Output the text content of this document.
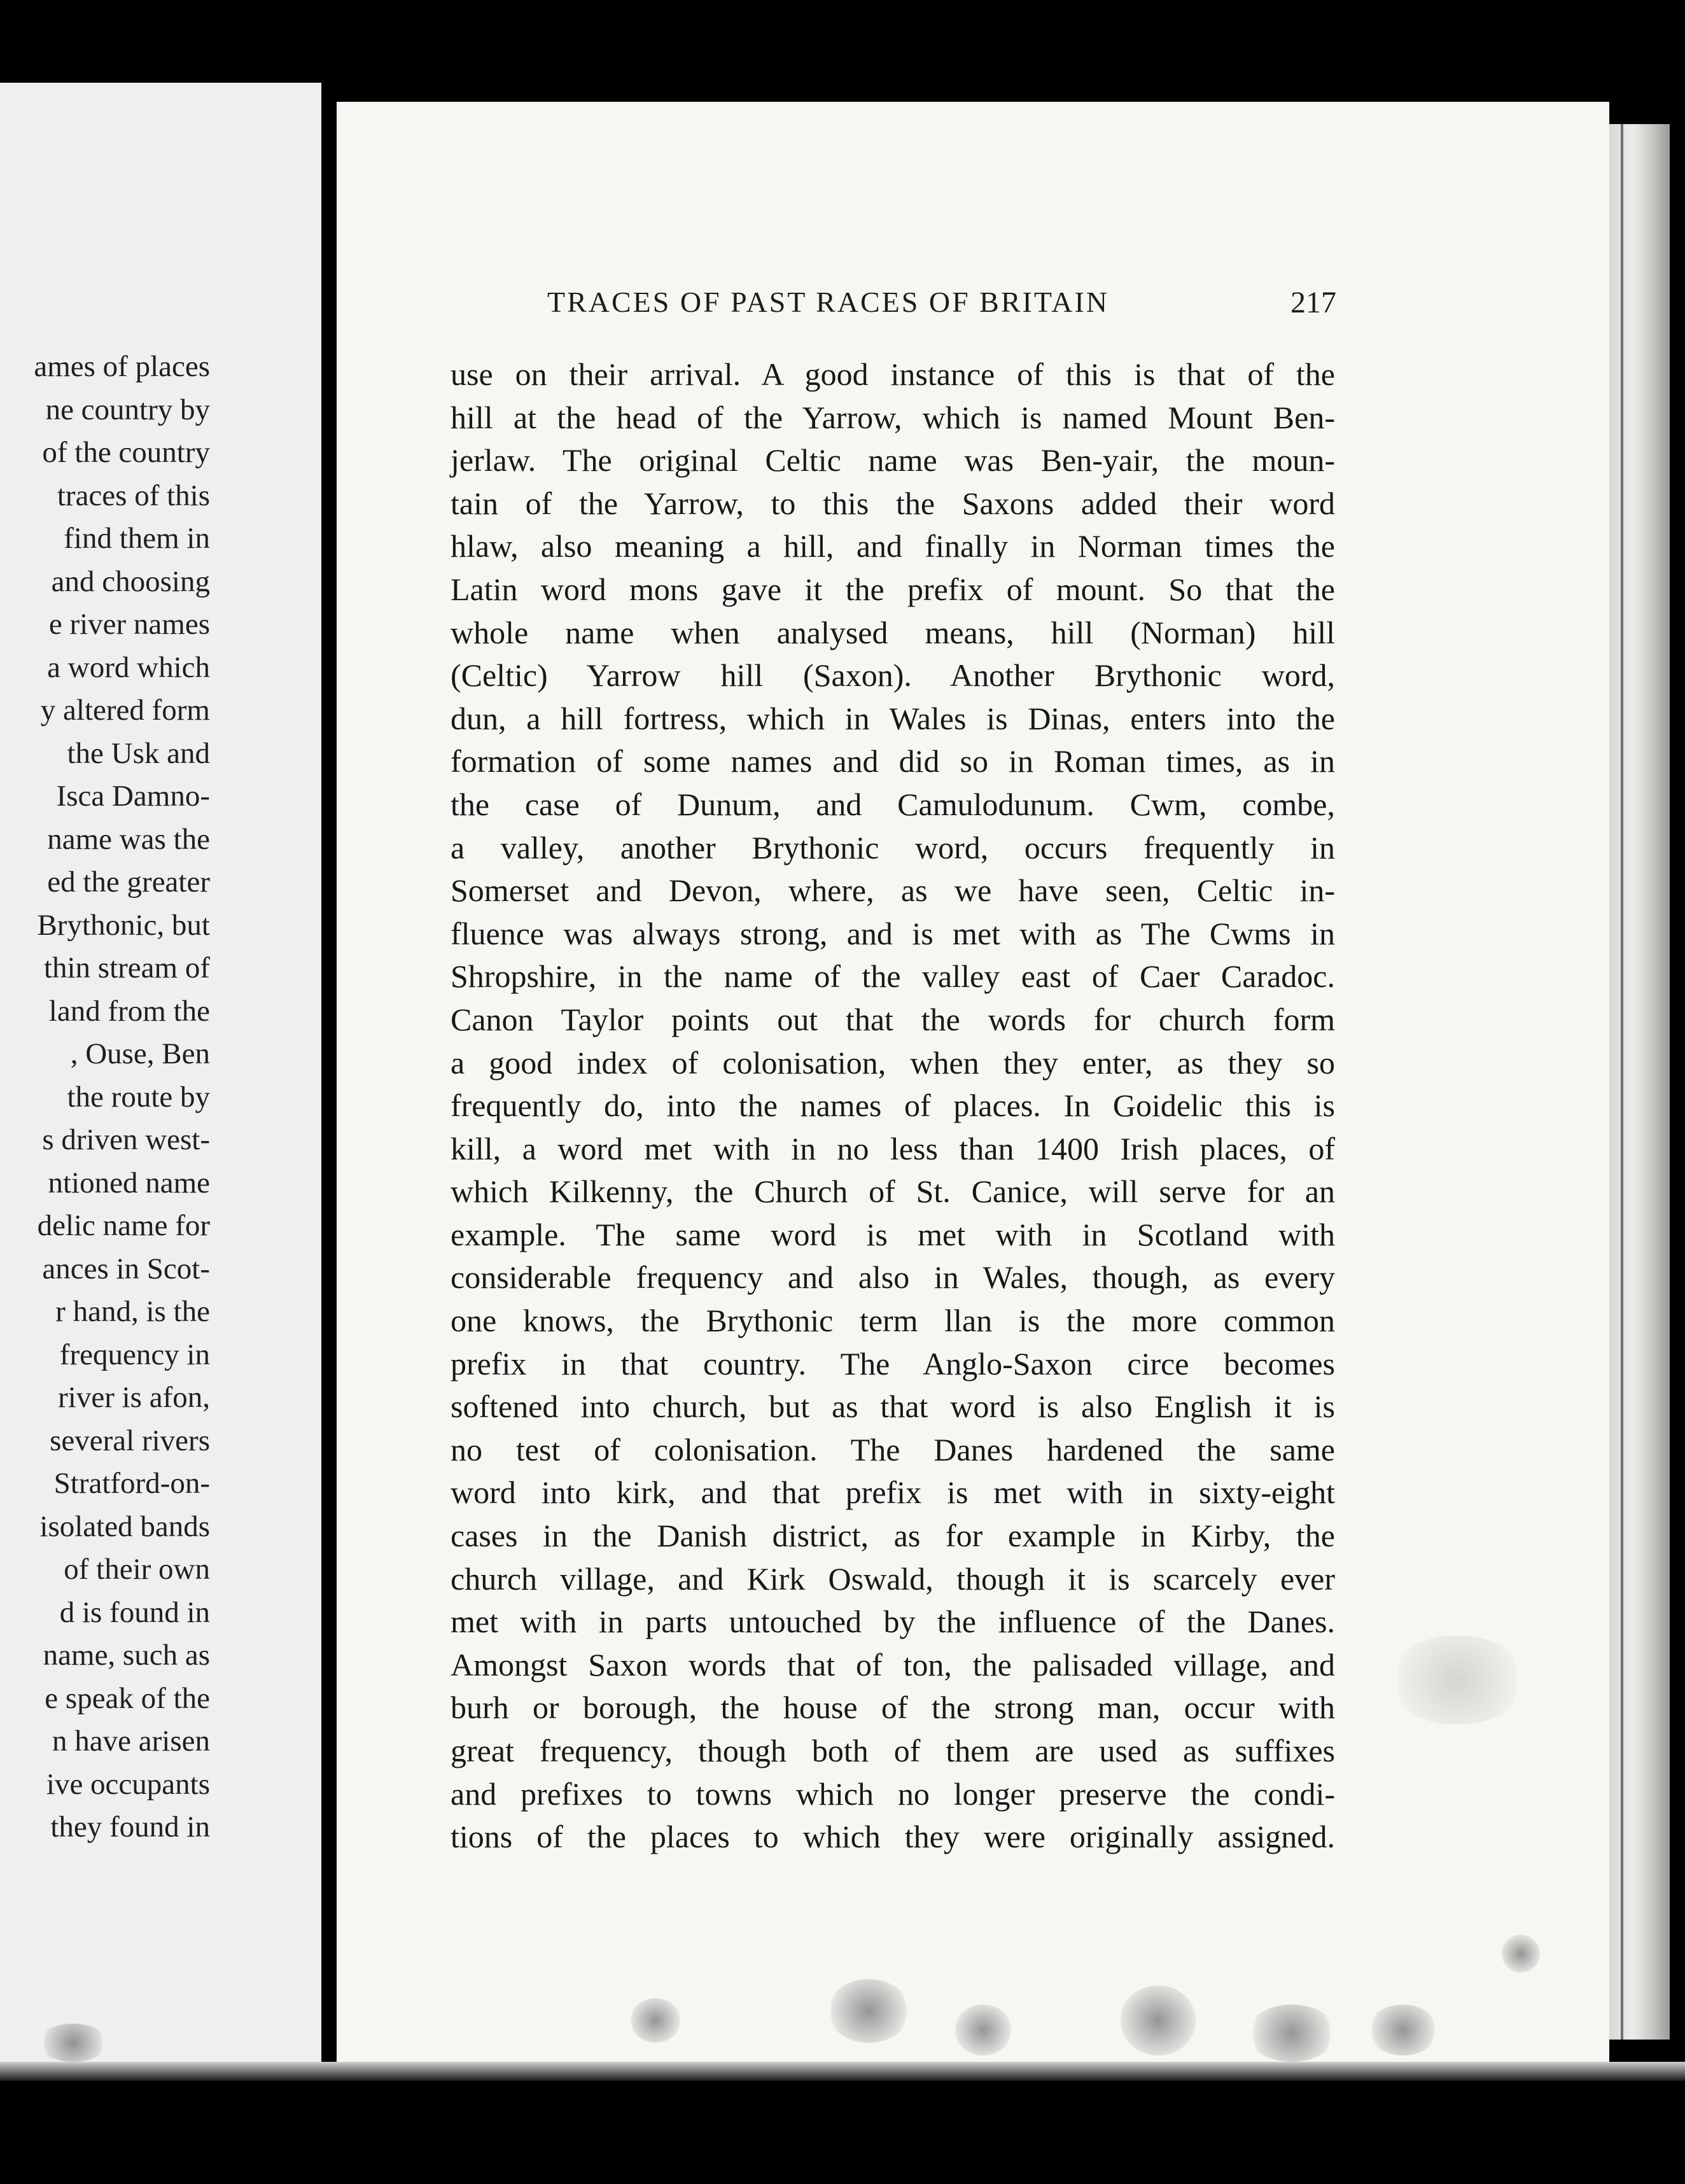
ames of places
ne country by
of the country
traces of this
find them in
and choosing
e river names
a word which
y altered form
the Usk and
Isca Damno-
name was the
ed the greater
Brythonic, but
thin stream of
land from the
, Ouse, Ben
the route by
s driven west-
ntioned name
delic name for
ances in Scot-
r hand, is the
frequency in
river is afon,
several rivers
Stratford-on-
isolated bands
of their own
d is found in
name, such as
e speak of the
n have arisen
ive occupants
they found in
TRACES OF PAST RACES OF BRITAIN	217
use on their arrival. A good instance of this is that of the
hill at the head of the Yarrow, which is named Mount Ben-
jerlaw. The original Celtic name was Ben-yair, the moun-
tain of the Yarrow, to this the Saxons added their word
hlaw, also meaning a hill, and finally in Norman times the
Latin word mons gave it the prefix of mount. So that the
whole name when analysed means, hill (Norman) hill
(Celtic) Yarrow hill (Saxon). Another Brythonic word,
dun, a hill fortress, which in Wales is Dinas, enters into the
formation of some names and did so in Roman times, as in
the case of Dunum, and Camulodunum. Cwm, combe,
a valley, another Brythonic word, occurs frequently in
Somerset and Devon, where, as we have seen, Celtic in-
fluence was always strong, and is met with as The Cwms in
Shropshire, in the name of the valley east of Caer Caradoc.
Canon Taylor points out that the words for church form
a good index of colonisation, when they enter, as they so
frequently do, into the names of places. In Goidelic this is
kill, a word met with in no less than 1400 Irish places, of
which Kilkenny, the Church of St. Canice, will serve for an
example. The same word is met with in Scotland with
considerable frequency and also in Wales, though, as every
one knows, the Brythonic term llan is the more common
prefix in that country. The Anglo-Saxon circe becomes
softened into church, but as that word is also English it is
no test of colonisation. The Danes hardened the same
word into kirk, and that prefix is met with in sixty-eight
cases in the Danish district, as for example in Kirby, the
church village, and Kirk Oswald, though it is scarcely ever
met with in parts untouched by the influence of the Danes.
Amongst Saxon words that of ton, the palisaded village, and
burh or borough, the house of the strong man, occur with
great frequency, though both of them are used as suffixes
and prefixes to towns which no longer preserve the condi-
tions of the places to which they were originally assigned.
